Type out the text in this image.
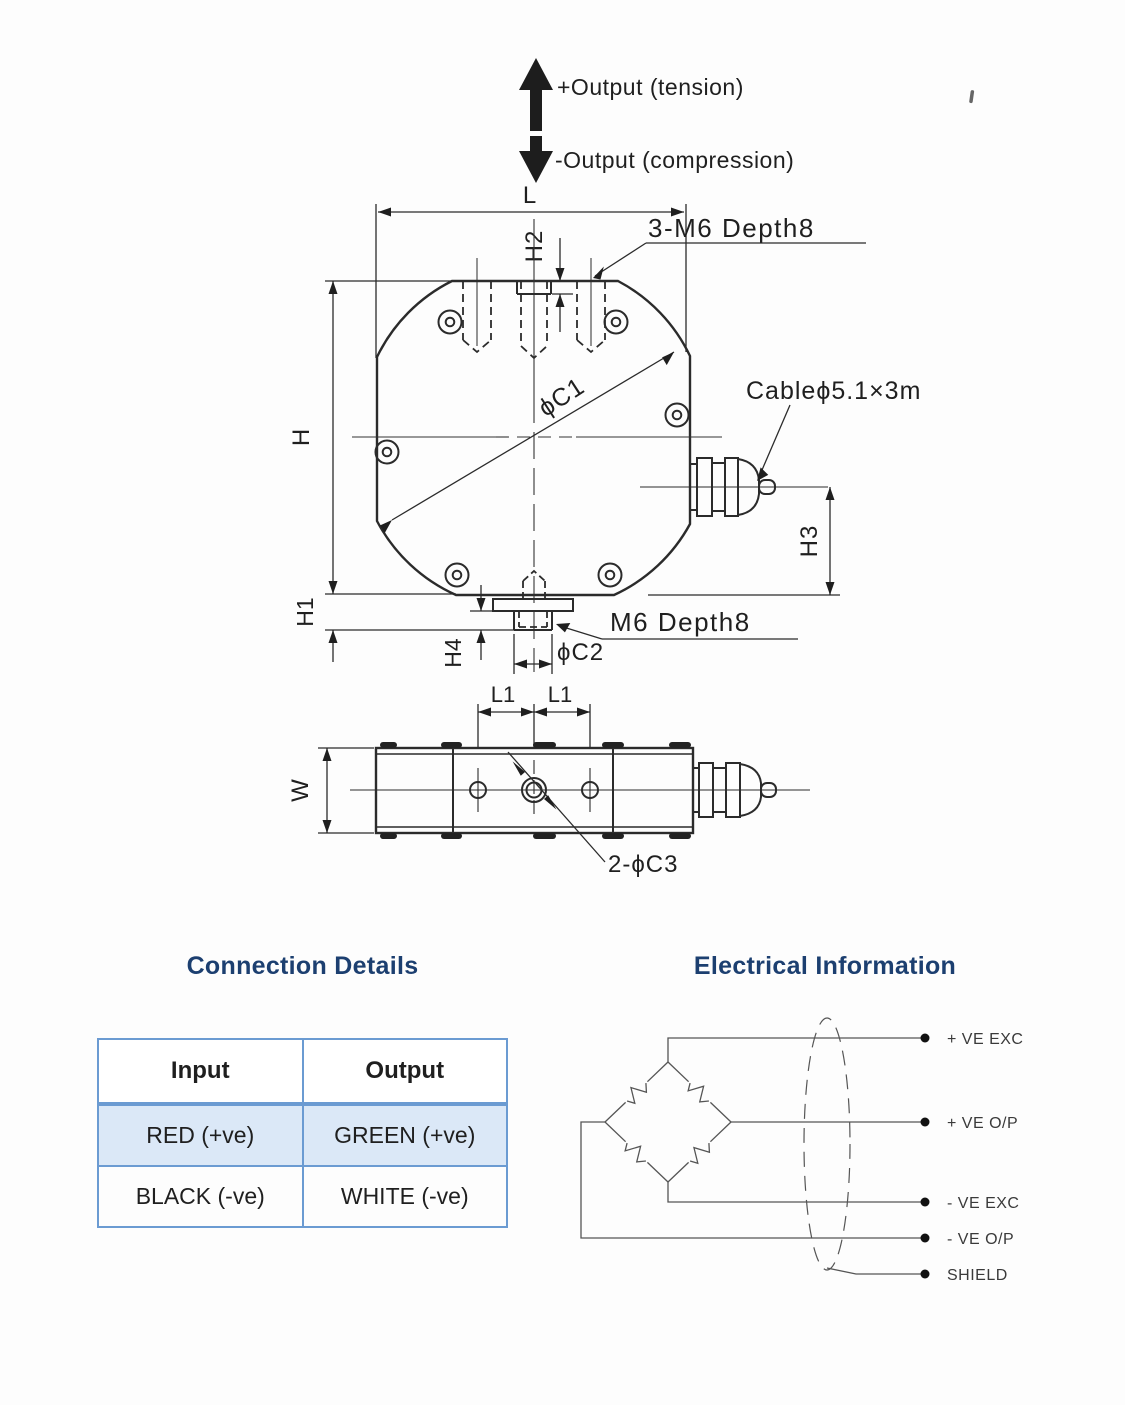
+Output (tension)
-Output (compression)
L
3-M6 Depth8
H2
ϕC1
H3
Cableϕ5.1×3m
H
H1
H4
M6 Depth8
ϕC2
L1 L1
W
2-ϕC3
Connection Details
Input	Output
RED (+ve)	GREEN (+ve)
BLACK (-ve)	WHITE (-ve)
Electrical Information
+ VE EXC
+ VE O/P
- VE EXC
- VE O/P
SHIELD
